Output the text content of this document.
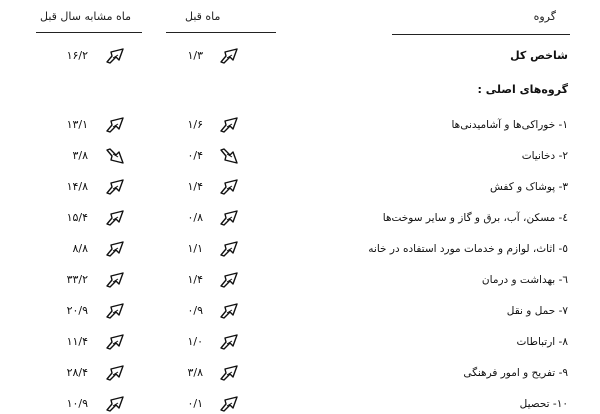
گروه
ماه قبل
ماه مشابه سال قبل
شاخص کل
۱/۳
۱۶/۲
گروه‌های اصلی :
۱- خوراکی‌ها و آشامیدنی‌ها
۱/۶
۱۳/۱
۲- دخانیات
۰/۴
۳/۸
۳- پوشاک و کفش
۱/۴
۱۴/۸
٤- مسکن، آب، برق و گاز و سایر سوخت‌ها
۰/۸
۱۵/۴
٥- اثاث، لوازم و خدمات مورد استفاده در خانه
۱/۱
۸/۸
٦- بهداشت و درمان
۱/۴
۳۳/۲
۷- حمل و نقل
۰/۹
۲۰/۹
۸- ارتباطات
۱/۰
۱۱/۴
۹- تفریح و امور فرهنگی
۳/۸
۲۸/۴
۱۰- تحصیل
۰/۱
۱۰/۹
